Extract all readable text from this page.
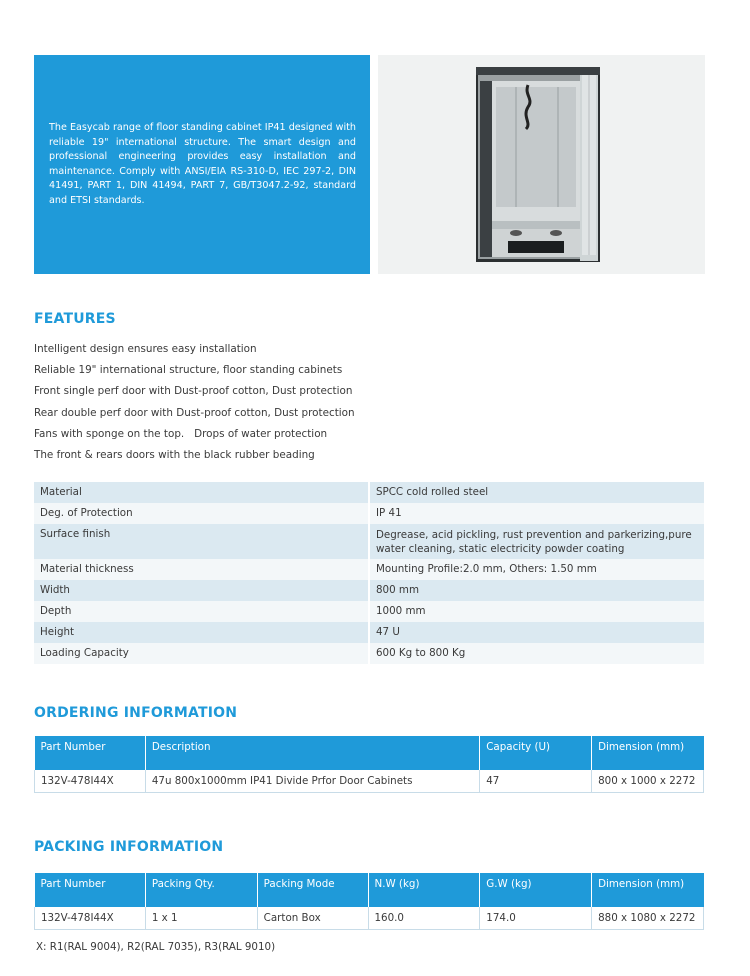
The Easycab range of floor standing cabinet IP41 designed with reliable 19" international structure. The smart design and professional engineering provides easy installation and maintenance. Comply with ANSI/EIA RS-310-D, IEC 297-2, DIN 41491, PART 1, DIN 41494, PART 7, GB/T3047.2-92, standard and ETSI standards.

FEATURES
Intelligent design ensures easy installation
Reliable 19" international structure, floor standing cabinets
Front single perf door with Dust-proof cotton, Dust protection
Rear double perf door with Dust-proof cotton, Dust protection
Fans with sponge on the top.   Drops of water protection
The front & rears doors with the black rubber beading
Material	SPCC cold rolled steel
Deg. of Protection	IP 41
Surface finish	Degrease, acid pickling, rust prevention and parkerizing,pure water cleaning, static electricity powder coating
Material thickness	Mounting Profile:2.0 mm, Others: 1.50 mm
Width	800 mm
Depth	1000 mm
Height	47 U
Loading Capacity	600 Kg to 800 Kg
ORDERING INFORMATION
Part Number	Description	Capacity (U)	Dimension (mm)
132V-478I44X	47u 800x1000mm IP41 Divide Prfor Door Cabinets	47	800 x 1000 x 2272
PACKING INFORMATION
Part Number	Packing Qty.	Packing Mode	N.W (kg)	G.W (kg)	Dimension (mm)
132V-478I44X	1 x 1	Carton Box	160.0	174.0	880 x 1080 x 2272

X: R1(RAL 9004), R2(RAL 7035), R3(RAL 9010)
